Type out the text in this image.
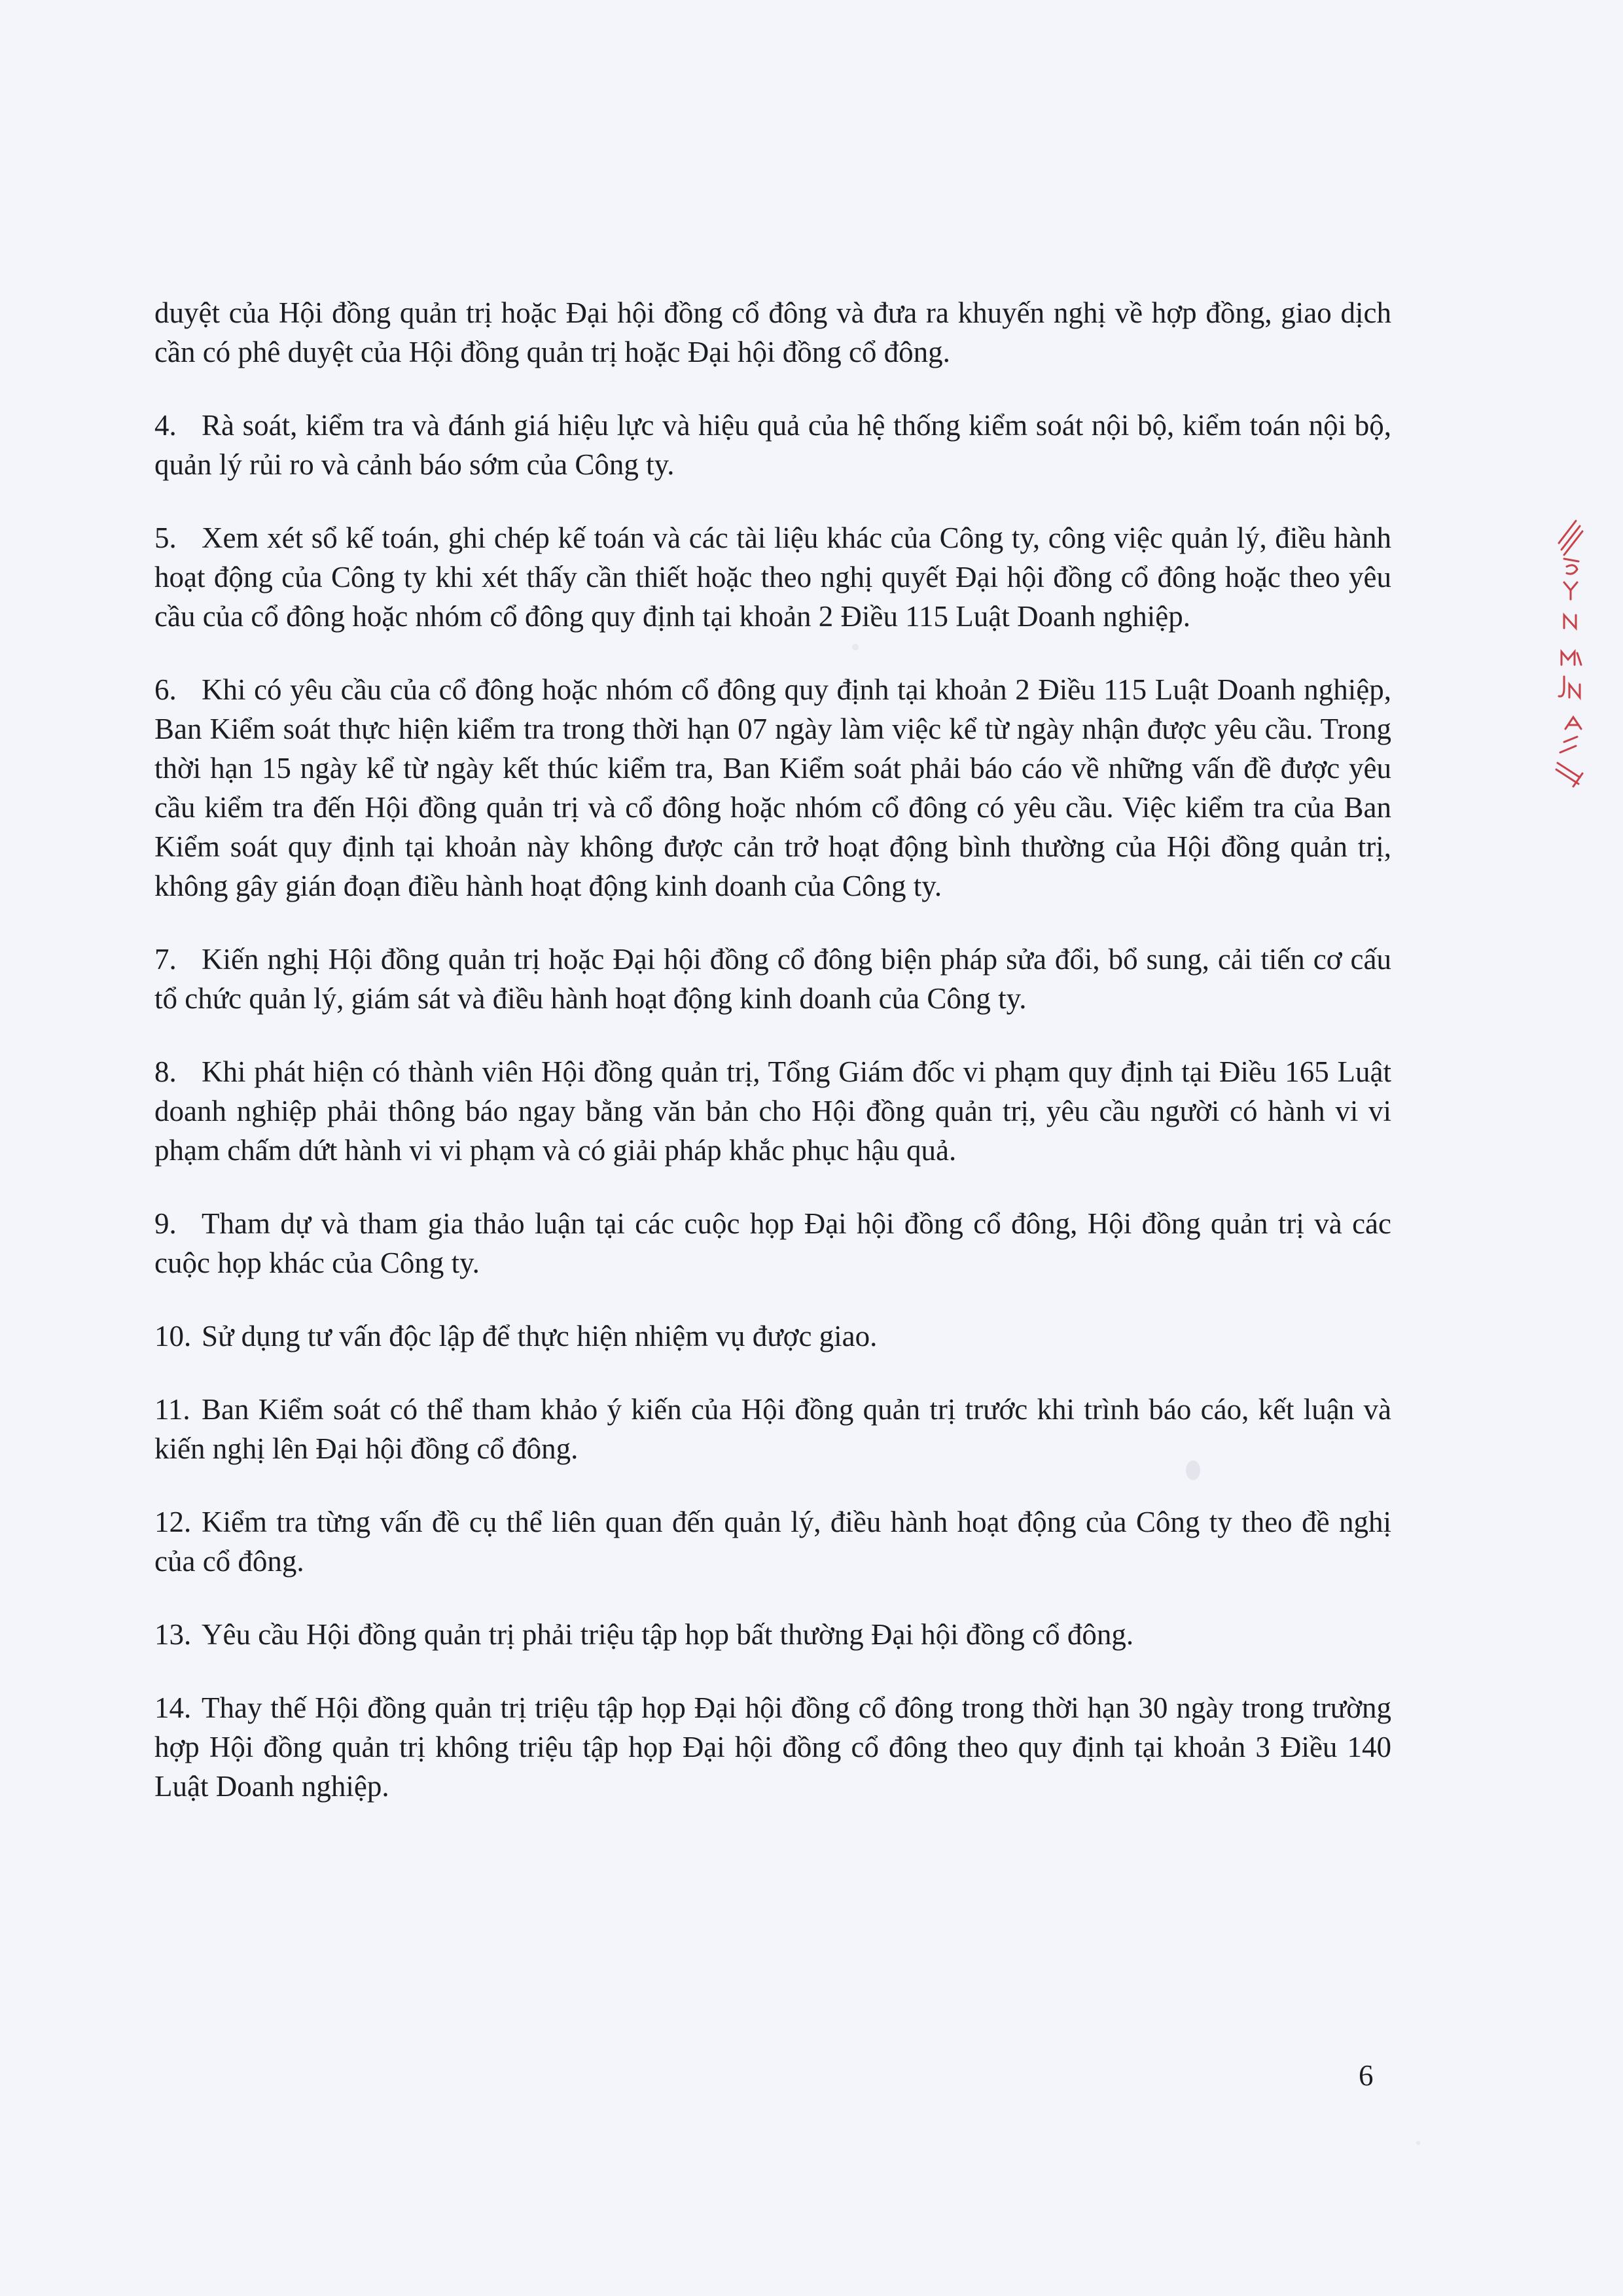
duyệt của Hội đồng quản trị hoặc Đại hội đồng cổ đông và đưa ra khuyến nghị về hợp đồng, giao dịch cần có phê duyệt của Hội đồng quản trị hoặc Đại hội đồng cổ đông.

4. Rà soát, kiểm tra và đánh giá hiệu lực và hiệu quả của hệ thống kiểm soát nội bộ, kiểm toán nội bộ, quản lý rủi ro và cảnh báo sớm của Công ty.

5. Xem xét sổ kế toán, ghi chép kế toán và các tài liệu khác của Công ty, công việc quản lý, điều hành hoạt động của Công ty khi xét thấy cần thiết hoặc theo nghị quyết Đại hội đồng cổ đông hoặc theo yêu cầu của cổ đông hoặc nhóm cổ đông quy định tại khoản 2 Điều 115 Luật Doanh nghiệp.

6. Khi có yêu cầu của cổ đông hoặc nhóm cổ đông quy định tại khoản 2 Điều 115 Luật Doanh nghiệp, Ban Kiểm soát thực hiện kiểm tra trong thời hạn 07 ngày làm việc kể từ ngày nhận được yêu cầu. Trong thời hạn 15 ngày kể từ ngày kết thúc kiểm tra, Ban Kiểm soát phải báo cáo về những vấn đề được yêu cầu kiểm tra đến Hội đồng quản trị và cổ đông hoặc nhóm cổ đông có yêu cầu. Việc kiểm tra của Ban Kiểm soát quy định tại khoản này không được cản trở hoạt động bình thường của Hội đồng quản trị, không gây gián đoạn điều hành hoạt động kinh doanh của Công ty.

7. Kiến nghị Hội đồng quản trị hoặc Đại hội đồng cổ đông biện pháp sửa đổi, bổ sung, cải tiến cơ cấu tổ chức quản lý, giám sát và điều hành hoạt động kinh doanh của Công ty.

8. Khi phát hiện có thành viên Hội đồng quản trị, Tổng Giám đốc vi phạm quy định tại Điều 165 Luật doanh nghiệp phải thông báo ngay bằng văn bản cho Hội đồng quản trị, yêu cầu người có hành vi vi phạm chấm dứt hành vi vi phạm và có giải pháp khắc phục hậu quả.

9. Tham dự và tham gia thảo luận tại các cuộc họp Đại hội đồng cổ đông, Hội đồng quản trị và các cuộc họp khác của Công ty.

10. Sử dụng tư vấn độc lập để thực hiện nhiệm vụ được giao.

11. Ban Kiểm soát có thể tham khảo ý kiến của Hội đồng quản trị trước khi trình báo cáo, kết luận và kiến nghị lên Đại hội đồng cổ đông.

12. Kiểm tra từng vấn đề cụ thể liên quan đến quản lý, điều hành hoạt động của Công ty theo đề nghị của cổ đông.

13. Yêu cầu Hội đồng quản trị phải triệu tập họp bất thường Đại hội đồng cổ đông.

14. Thay thế Hội đồng quản trị triệu tập họp Đại hội đồng cổ đông trong thời hạn 30 ngày trong trường hợp Hội đồng quản trị không triệu tập họp Đại hội đồng cổ đông theo quy định tại khoản 3 Điều 140 Luật Doanh nghiệp.

6
